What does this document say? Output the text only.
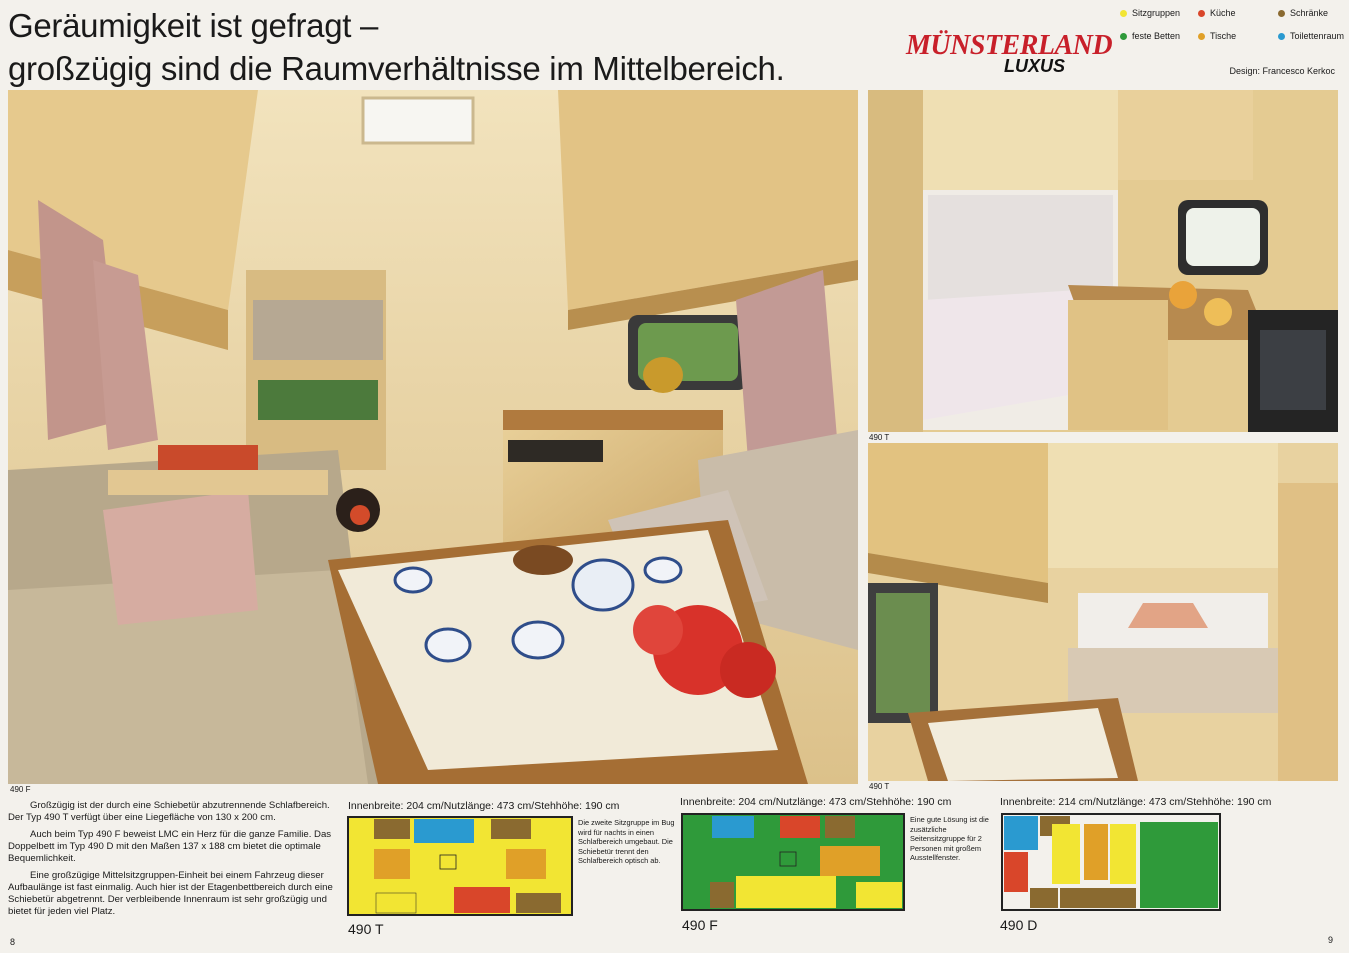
Geräumigkeit ist gefragt –
großzügig sind die Raumverhältnisse im Mittelbereich.
Sitzgruppen	Küche	Schränke
feste Betten	Tische	Toilettenraum
MÜNSTERLAND
LUXUS	Design: Francesco Kerkoc
490 F
490 T
490 T

Großzügig ist der durch eine Schiebetür abzutrennende Schlafbereich. Der Typ 490 T verfügt über eine Liegefläche von 130 x 200 cm.

Auch beim Typ 490 F beweist LMC ein Herz für die ganze Familie. Das Doppelbett im Typ 490 D mit den Maßen 137 x 188 cm bietet die optimale Bequemlichkeit.

Eine großzügige Mittelsitzgruppen-Einheit bei einem Fahrzeug dieser Aufbaulänge ist fast einmalig. Auch hier ist der Etagenbettbereich durch eine Schiebetür abgetrennt. Der verbleibende Innenraum ist sehr großzügig und bietet für jeden viel Platz.

Innenbreite: 204 cm/Nutzlänge: 473 cm/Stehhöhe: 190 cm
Die zweite Sitzgruppe im Bug wird für nachts in einen Schlafbereich umgebaut. Die Schiebetür trennt den Schlafbereich optisch ab.
490 T
Innenbreite: 204 cm/Nutzlänge: 473 cm/Stehhöhe: 190 cm
Eine gute Lösung ist die zusätzliche Seitensitzgruppe für 2 Personen mit großem Ausstellfenster.
490 F
Innenbreite: 214 cm/Nutzlänge: 473 cm/Stehhöhe: 190 cm
490 D
8	9
